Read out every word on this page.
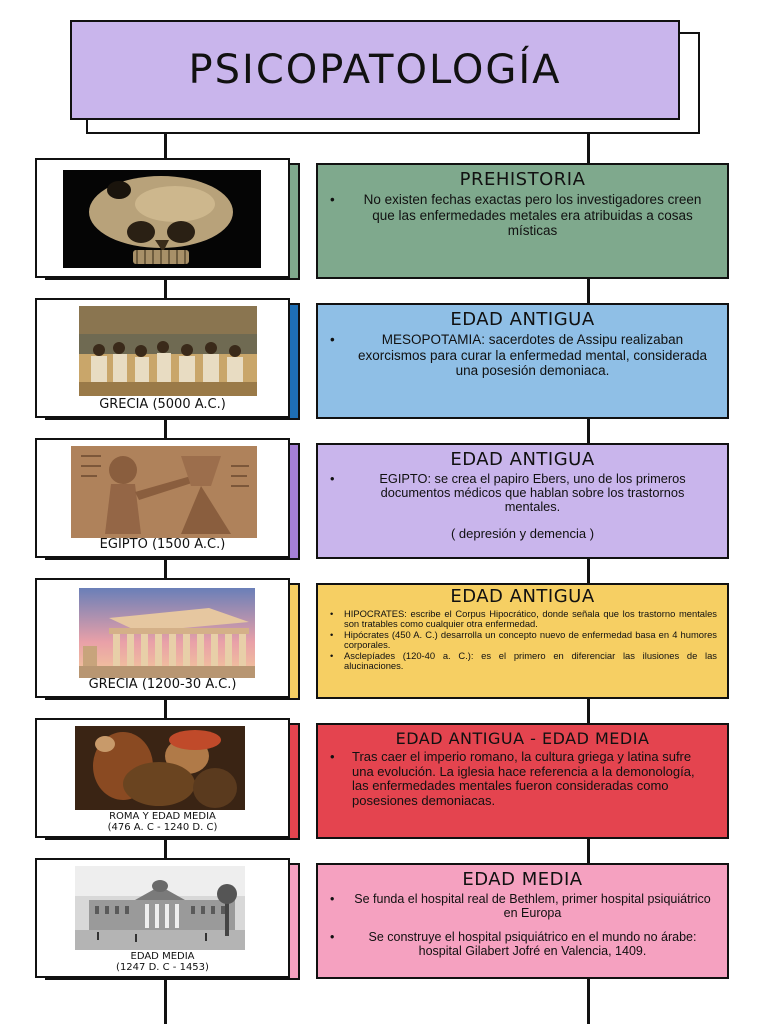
PSICOPATOLOGÍA
PREHISTORIA
• No existen fechas exactas pero los investigadores creen que las enfermedades metales era atribuidas a cosas místicas
GRECIA (5000 A.C.)
EDAD ANTIGUA
• MESOPOTAMIA: sacerdotes de Assipu realizaban exorcismos para curar la enfermedad mental, considerada una posesión demoniaca.
EGIPTO (1500 A.C.)
EDAD ANTIGUA
• EGIPTO: se crea el papiro Ebers, uno de los primeros documentos médicos que hablan sobre los trastornos mentales.
( depresión y demencia )
GRECIA (1200-30 A.C.)
EDAD ANTIGUA
• HIPOCRATES: escribe el Corpus Hipocrático, donde señala que los trastorno mentales son tratables como cualquier otra enfermedad.
• Hipócrates (450 A. C.) desarrolla un concepto nuevo de enfermedad basa en 4 humores corporales.
• Asclepíades (120-40 a. C.): es el primero en diferenciar las ilusiones de las alucinaciones.
ROMA Y EDAD MEDIA
(476 A. C - 1240 D. C)
EDAD ANTIGUA - EDAD MEDIA
• Tras caer el imperio romano, la cultura griega y latina sufre una evolución. La iglesia hace referencia a la demonología, las enfermedades mentales fueron consideradas como posesiones demoniacas.
EDAD MEDIA
(1247 D. C - 1453)
EDAD MEDIA
• Se funda el hospital real de Bethlem, primer hospital psiquiátrico en Europa
• Se construye el hospital psiquiátrico en el mundo no árabe: hospital Gilabert Jofré en Valencia, 1409.
